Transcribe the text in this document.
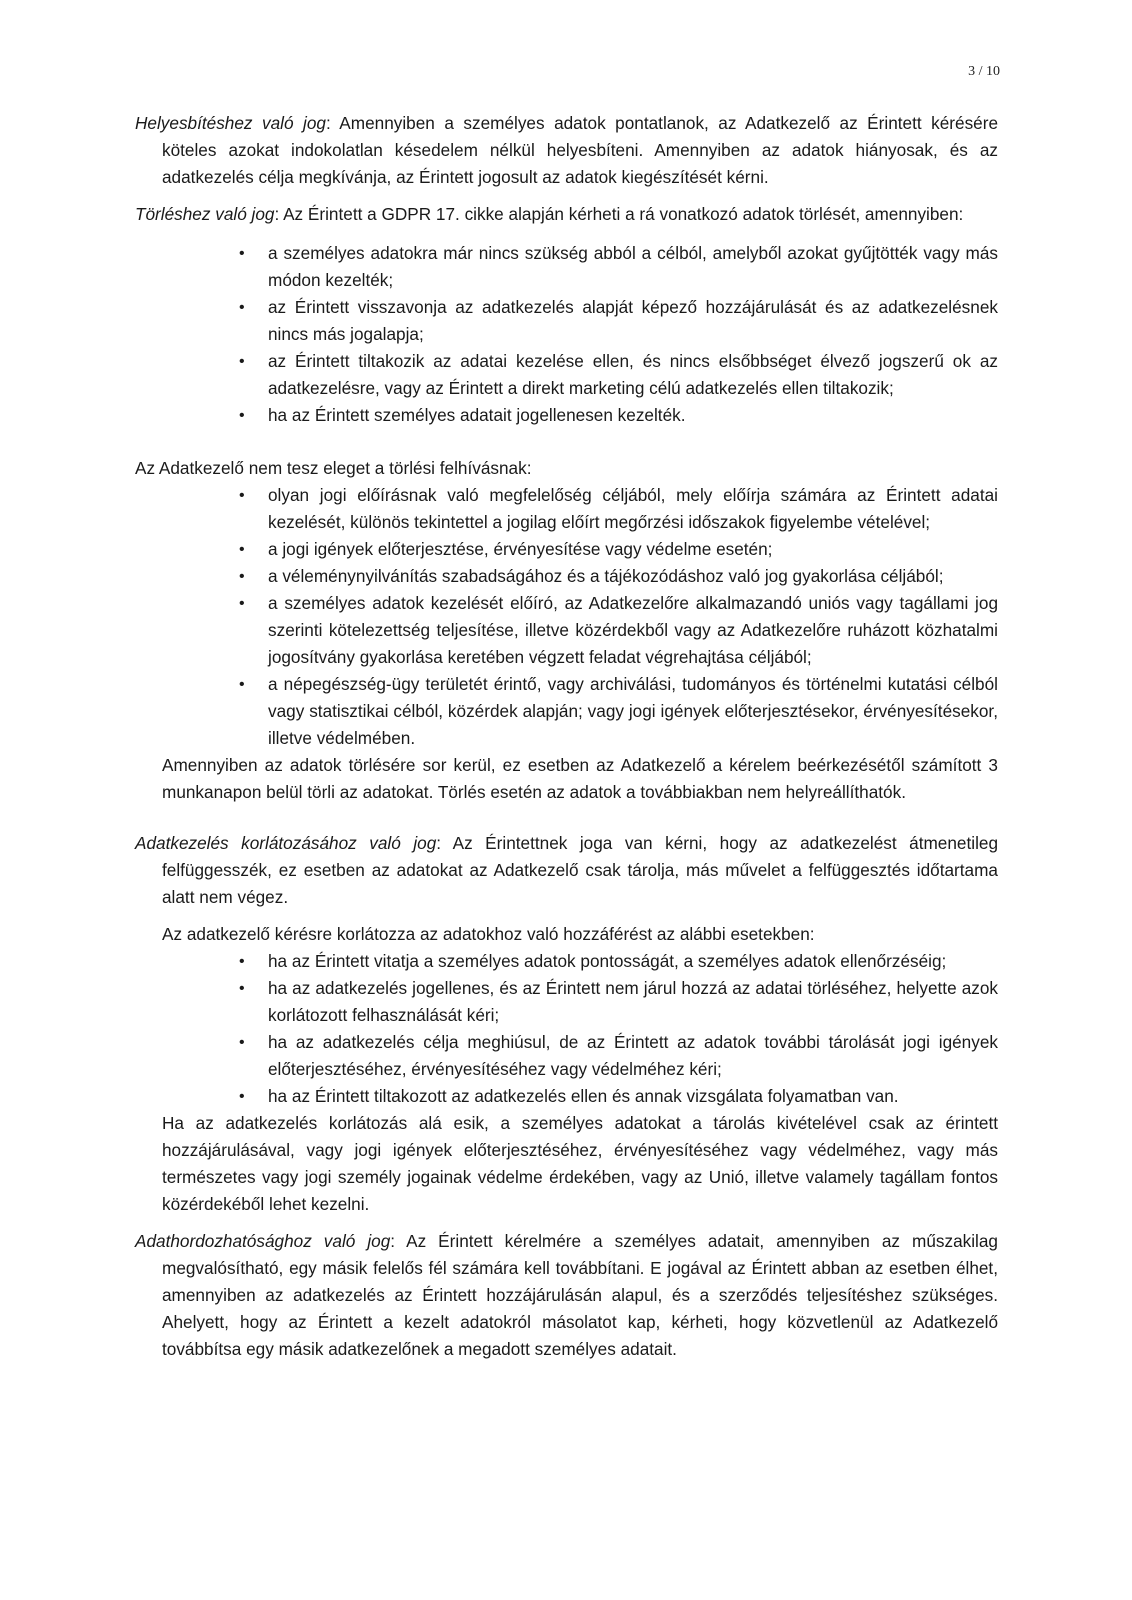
3 / 10

Helyesbítéshez való jog: Amennyiben a személyes adatok pontatlanok, az Adatkezelő az Érintett kérésére köteles azokat indokolatlan késedelem nélkül helyesbíteni. Amennyiben az adatok hiányosak, és az adatkezelés célja megkívánja, az Érintett jogosult az adatok kiegészítését kérni.

Törléshez való jog: Az Érintett a GDPR 17. cikke alapján kérheti a rá vonatkozó adatok törlését, amennyiben:

• a személyes adatokra már nincs szükség abból a célból, amelyből azokat gyűjtötték vagy más módon kezelték;
• az Érintett visszavonja az adatkezelés alapját képező hozzájárulását és az adatkezelésnek nincs más jogalapja;
• az Érintett tiltakozik az adatai kezelése ellen, és nincs elsőbbséget élvező jogszerű ok az adatkezelésre, vagy az Érintett a direkt marketing célú adatkezelés ellen tiltakozik;
• ha az Érintett személyes adatait jogellenesen kezelték.

Az Adatkezelő nem tesz eleget a törlési felhívásnak:

• olyan jogi előírásnak való megfelelőség céljából, mely előírja számára az Érintett adatai kezelését, különös tekintettel a jogilag előírt megőrzési időszakok figyelembe vételével;
• a jogi igények előterjesztése, érvényesítése vagy védelme esetén;
• a véleménynyilvánítás szabadságához és a tájékozódáshoz való jog gyakorlása céljából;
• a személyes adatok kezelését előíró, az Adatkezelőre alkalmazandó uniós vagy tagállami jog szerinti kötelezettség teljesítése, illetve közérdekből vagy az Adatkezelőre ruházott közhatalmi jogosítvány gyakorlása keretében végzett feladat végrehajtása céljából;
• a népegészség-ügy területét érintő, vagy archiválási, tudományos és történelmi kutatási célból vagy statisztikai célból, közérdek alapján; vagy jogi igények előterjesztésekor, érvényesítésekor, illetve védelmében.

Amennyiben az adatok törlésére sor kerül, ez esetben az Adatkezelő a kérelem beérkezésétől számított 3 munkanapon belül törli az adatokat. Törlés esetén az adatok a továbbiakban nem helyreállíthatók.

Adatkezelés korlátozásához való jog: Az Érintettnek joga van kérni, hogy az adatkezelést átmenetileg felfüggesszék, ez esetben az adatokat az Adatkezelő csak tárolja, más művelet a felfüggesztés időtartama alatt nem végez.

Az adatkezelő kérésre korlátozza az adatokhoz való hozzáférést az alábbi esetekben:

• ha az Érintett vitatja a személyes adatok pontosságát, a személyes adatok ellenőrzéséig;
• ha az adatkezelés jogellenes, és az Érintett nem járul hozzá az adatai törléséhez, helyette azok korlátozott felhasználását kéri;
• ha az adatkezelés célja meghiúsul, de az Érintett az adatok további tárolását jogi igények előterjesztéséhez, érvényesítéséhez vagy védelméhez kéri;
• ha az Érintett tiltakozott az adatkezelés ellen és annak vizsgálata folyamatban van.

Ha az adatkezelés korlátozás alá esik, a személyes adatokat a tárolás kivételével csak az érintett hozzájárulásával, vagy jogi igények előterjesztéséhez, érvényesítéséhez vagy védelméhez, vagy más természetes vagy jogi személy jogainak védelme érdekében, vagy az Unió, illetve valamely tagállam fontos közérdekéből lehet kezelni.

Adathordozhatósághoz való jog: Az Érintett kérelmére a személyes adatait, amennyiben az műszakilag megvalósítható, egy másik felelős fél számára kell továbbítani. E jogával az Érintett abban az esetben élhet, amennyiben az adatkezelés az Érintett hozzájárulásán alapul, és a szerződés teljesítéshez szükséges. Ahelyett, hogy az Érintett a kezelt adatokról másolatot kap, kérheti, hogy közvetlenül az Adatkezelő továbbítsa egy másik adatkezelőnek a megadott személyes adatait.
